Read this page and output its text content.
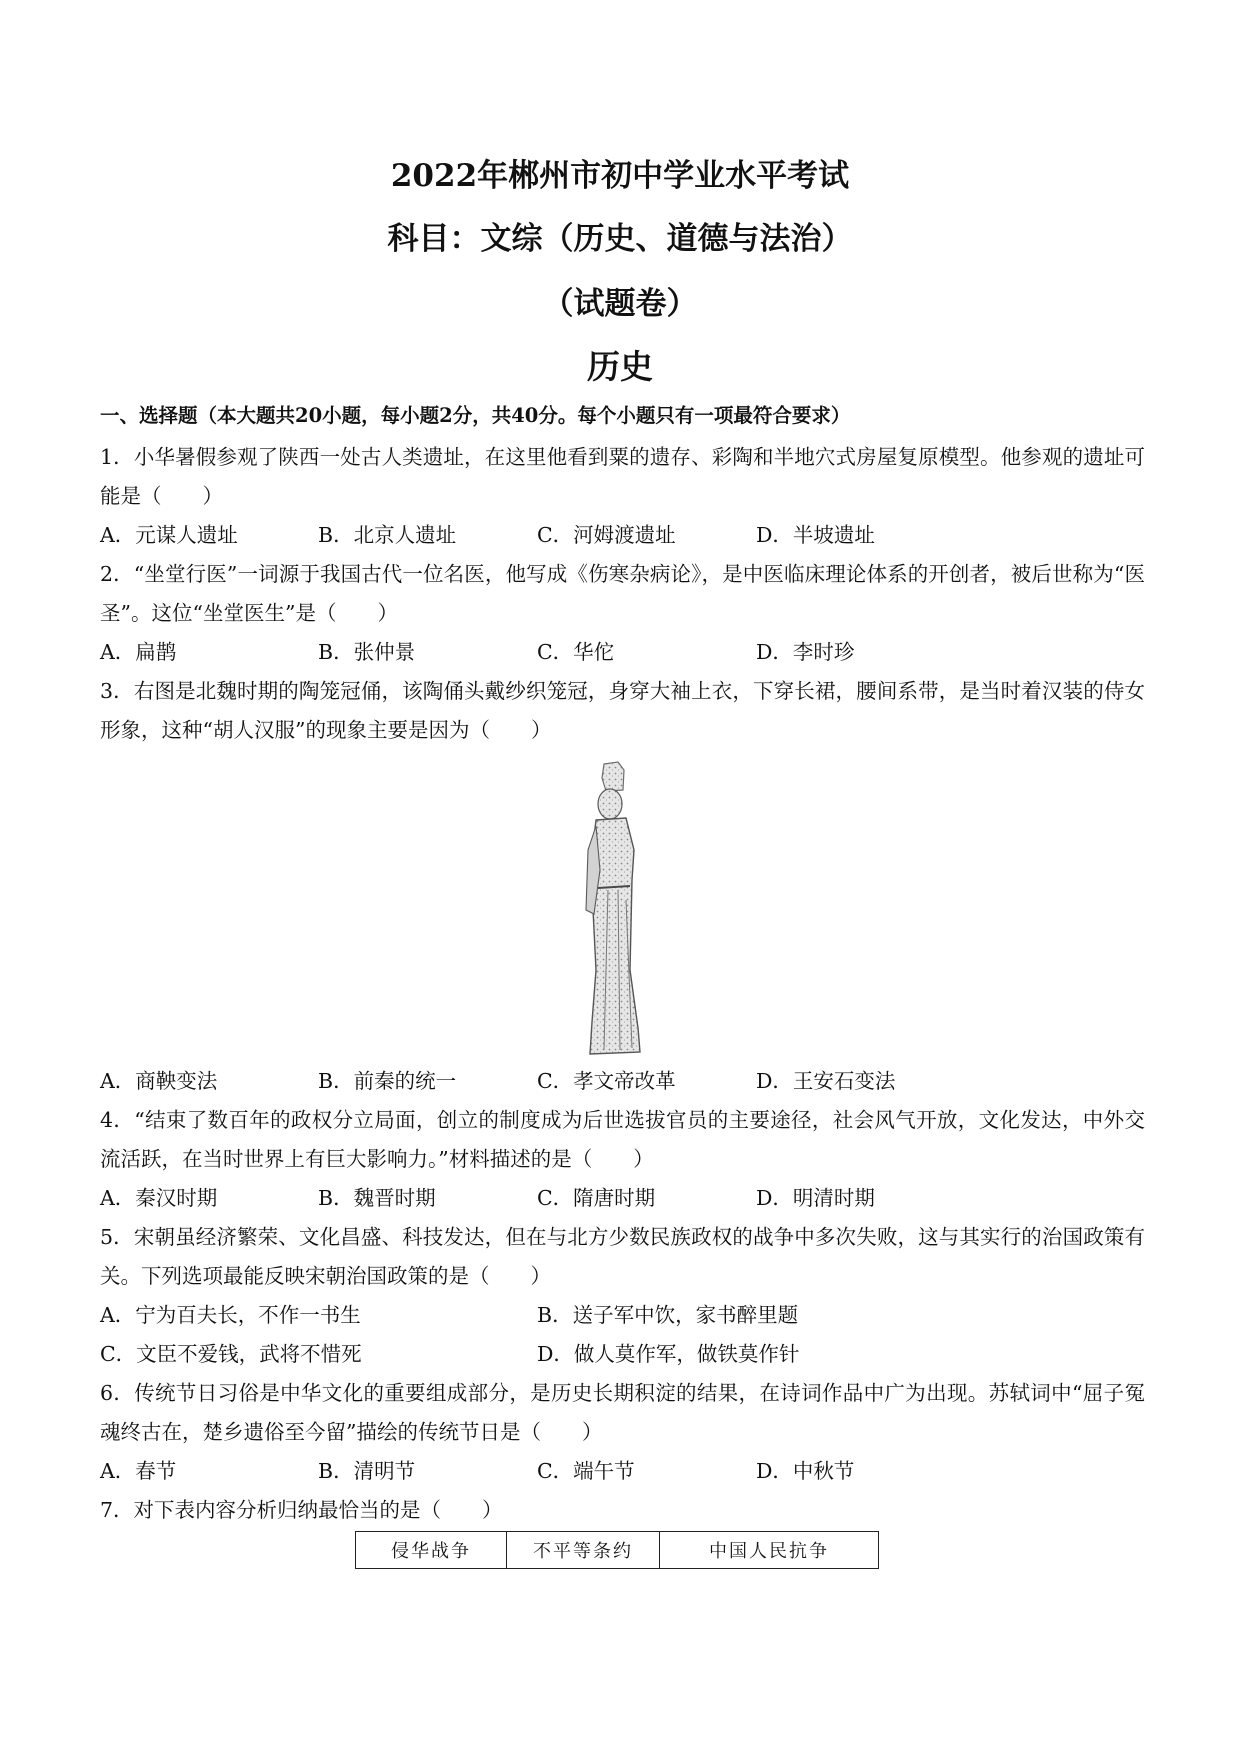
2022年郴州市初中学业水平考试
科目：文综（历史、道德与法治）
（试题卷）
历史

一、选择题（本大题共20小题，每小题2分，共40分。每个小题只有一项最符合要求）

1．小华暑假参观了陕西一处古人类遗址，在这里他看到粟的遗存、彩陶和半地穴式房屋复原模型。他参观的遗址可能是（　　）

A．元谋人遗址	B．北京人遗址	C．河姆渡遗址	D．半坡遗址

2．“坐堂行医”一词源于我国古代一位名医，他写成《伤寒杂病论》，是中医临床理论体系的开创者，被后世称为“医圣”。这位“坐堂医生”是（　　）

A．扁鹊	B．张仲景	C．华佗	D．李时珍

3．右图是北魏时期的陶笼冠俑，该陶俑头戴纱织笼冠，身穿大袖上衣，下穿长裙，腰间系带，是当时着汉装的侍女形象，这种“胡人汉服”的现象主要是因为（　　）

A．商鞅变法	B．前秦的统一	C．孝文帝改革	D．王安石变法

4．“结束了数百年的政权分立局面，创立的制度成为后世选拔官员的主要途径，社会风气开放，文化发达，中外交流活跃，在当时世界上有巨大影响力。”材料描述的是（　　）

A．秦汉时期	B．魏晋时期	C．隋唐时期	D．明清时期

5．宋朝虽经济繁荣、文化昌盛、科技发达，但在与北方少数民族政权的战争中多次失败，这与其实行的治国政策有关。下列选项最能反映宋朝治国政策的是（　　）

A．宁为百夫长，不作一书生	B．送子军中饮，家书醉里题
C．文臣不爱钱，武将不惜死	D．做人莫作军，做铁莫作针

6．传统节日习俗是中华文化的重要组成部分，是历史长期积淀的结果，在诗词作品中广为出现。苏轼词中“屈子冤魂终古在，楚乡遗俗至今留”描绘的传统节日是（　　）

A．春节	B．清明节	C．端午节	D．中秋节

7．对下表内容分析归纳最恰当的是（　　）

侵华战争	不平等条约	中国人民抗争
